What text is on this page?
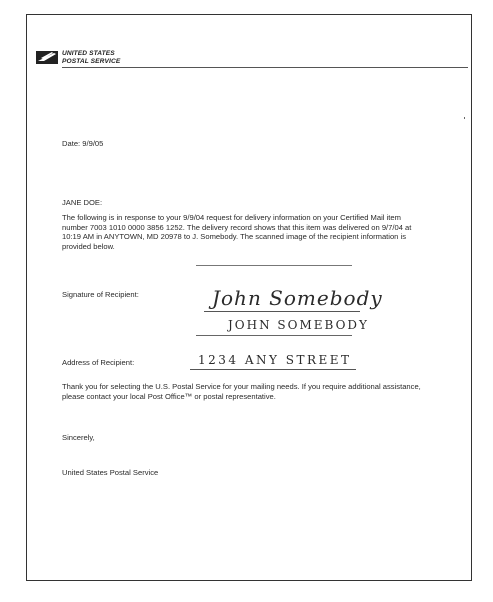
UNITED STATES
POSTAL SERVICE

Date: 9/9/05

JANE DOE:

The following is in response to your 9/9/04 request for delivery information on your Certified Mail item number 7003 1010 0000 3856 1252. The delivery record shows that this item was delivered on 9/7/04 at 10:19 AM in ANYTOWN, MD 20978 to J. Somebody. The scanned image of the recipient information is provided below.

Signature of Recipient:	John Somebody
JOHN SOMEBODY

Address of Recipient:	1234 ANY STREET

Thank you for selecting the U.S. Postal Service for your mailing needs. If you require additional assistance, please contact your local Post Office™ or postal representative.

Sincerely,

United States Postal Service
